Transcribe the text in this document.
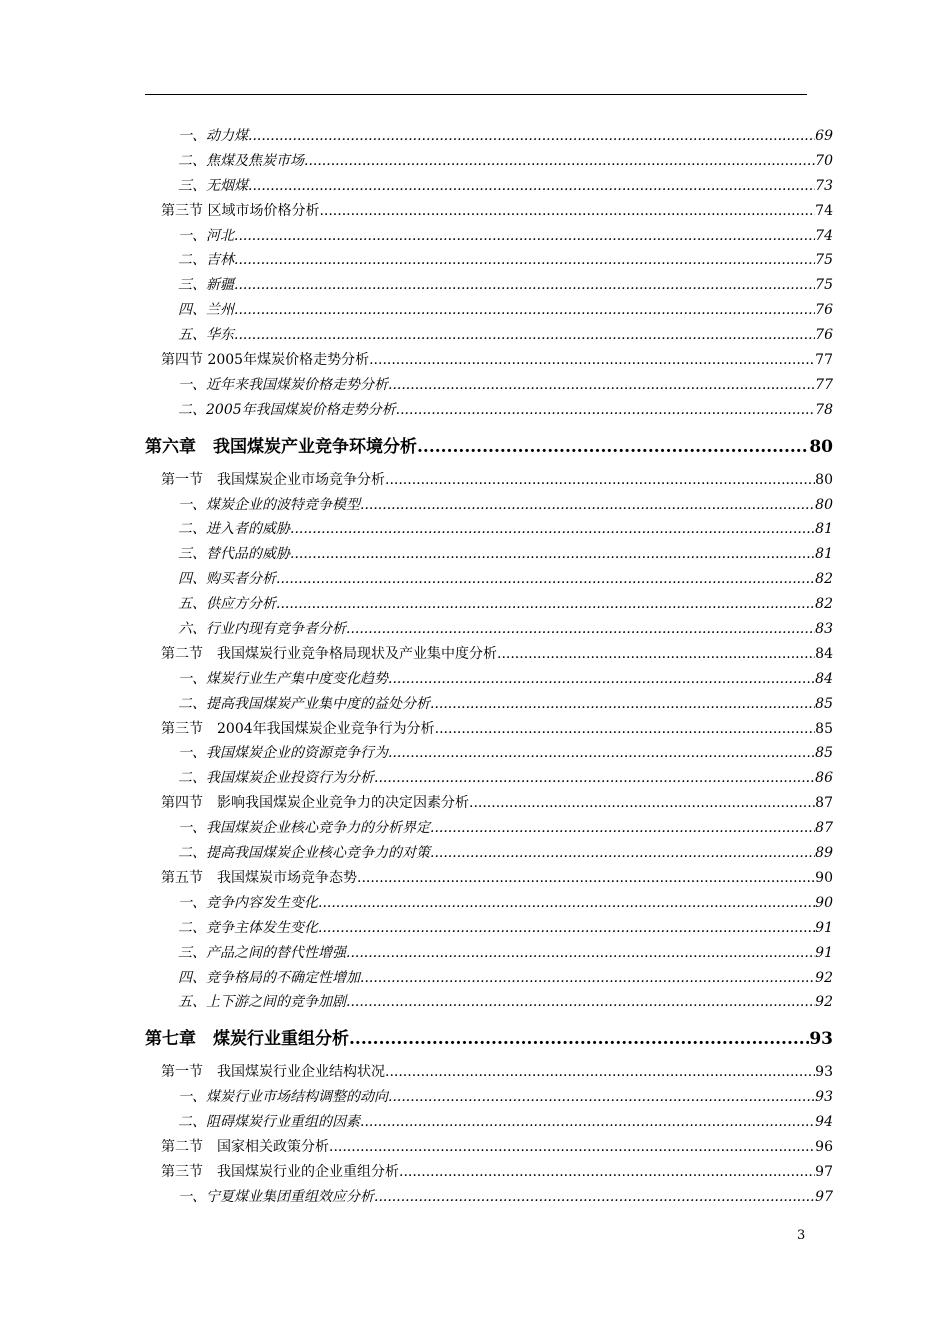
一、动力煤 .....	69
二、焦煤及焦炭市场 .....	70
三、无烟煤 .....	73
第三节 区域市场价格分析 .....	74
一、河北 .....	74
二、吉林 .....	75
三、新疆 .....	75
四、兰州 .....	76
五、华东 .....	76
第四节 2005年煤炭价格走势分析 .....	77
一、近年来我国煤炭价格走势分析 .....	77
二、2005年我国煤炭价格走势分析 .....	78
第六章　我国煤炭产业竞争环境分析 .....	80
第一节　我国煤炭企业市场竞争分析 .....	80
一、煤炭企业的波特竞争模型 .....	80
二、进入者的威胁 .....	81
三、替代品的威胁 .....	81
四、购买者分析 .....	82
五、供应方分析 .....	82
六、行业内现有竞争者分析 .....	83
第二节　我国煤炭行业竞争格局现状及产业集中度分析 .....	84
一、煤炭行业生产集中度变化趋势 .....	84
二、提高我国煤炭产业集中度的益处分析 .....	85
第三节　2004年我国煤炭企业竞争行为分析 .....	85
一、我国煤炭企业的资源竞争行为 .....	85
二、我国煤炭企业投资行为分析 .....	86
第四节　影响我国煤炭企业竞争力的决定因素分析 .....	87
一、我国煤炭企业核心竞争力的分析界定 .....	87
二、提高我国煤炭企业核心竞争力的对策 .....	89
第五节　我国煤炭市场竞争态势 .....	90
一、竞争内容发生变化 .....	90
二、竞争主体发生变化 .....	91
三、产品之间的替代性增强 .....	91
四、竞争格局的不确定性增加 .....	92
五、上下游之间的竞争加剧 .....	92
第七章　煤炭行业重组分析 .....	93
第一节　我国煤炭行业企业结构状况 .....	93
一、煤炭行业市场结构调整的动向 .....	93
二、阻碍煤炭行业重组的因素 .....	94
第二节　国家相关政策分析 .....	96
第三节　我国煤炭行业的企业重组分析 .....	97
一、宁夏煤业集团重组效应分析 .....	97
3
